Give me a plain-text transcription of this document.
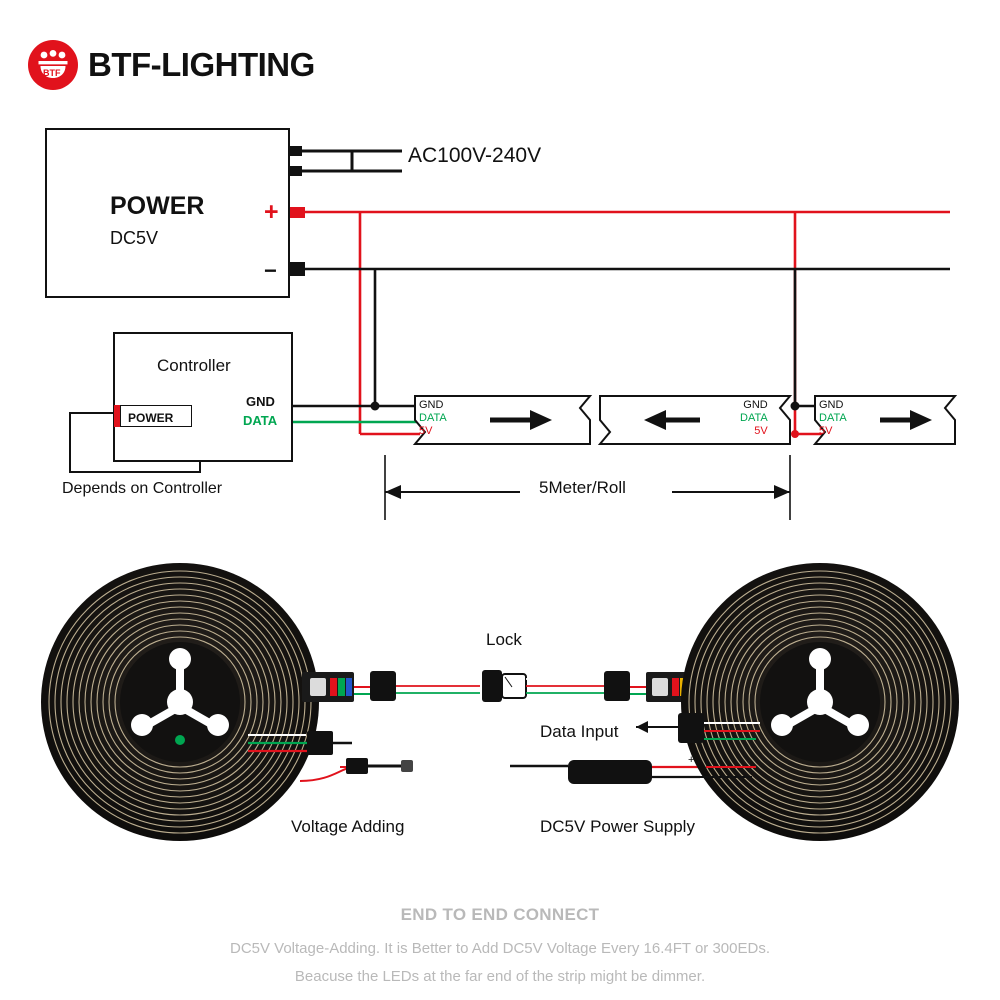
BTF BTF-LIGHTING
AC100V-240V
POWER
DC5V
+
−
Controller
POWER
Depends on Controller
GND
DATA
5Meter/Roll
GND
DATA
5V
GND
DATA
5V
GND
DATA
5V
+
Lock
Data Input
Voltage Adding	DC5V Power Supply
END TO END CONNECT
DC5V Voltage-Adding. It is Better to Add DC5V Voltage Every 16.4FT or 300EDs.
Beacuse the LEDs at the far end of the strip might be dimmer.
